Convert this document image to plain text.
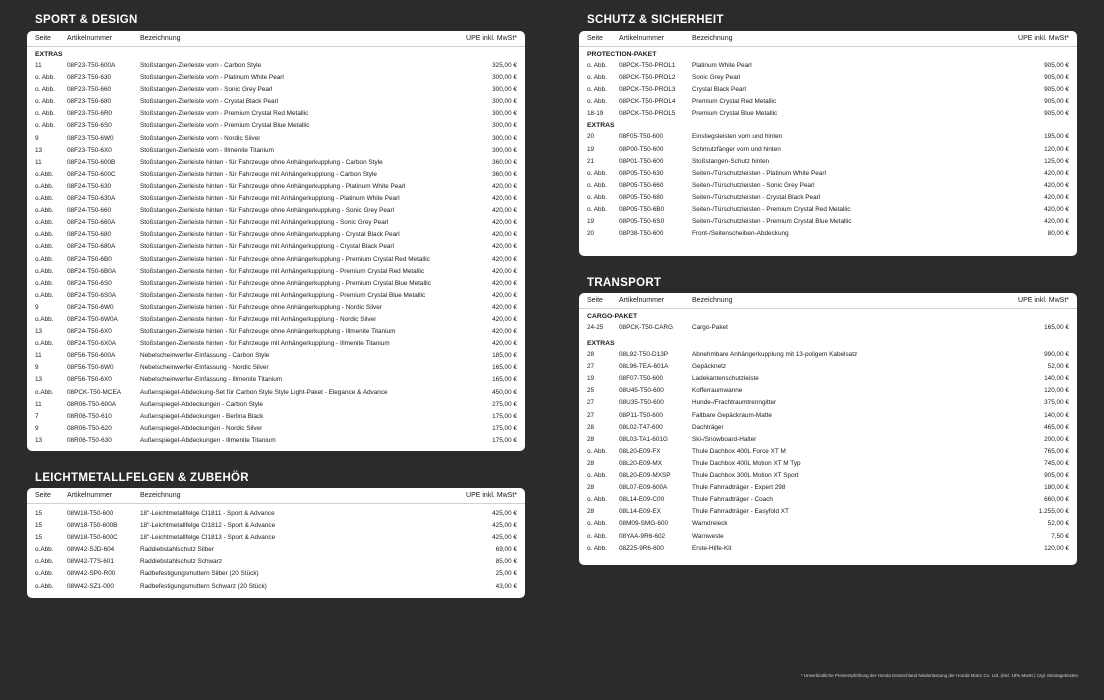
SPORT & DESIGN
Seite Artikelnummer	Bezeichnung	UPE inkl. MwSt*
EXTRAS
11	08F23-T50-600A	Stoßstangen-Zierleiste vorn - Carbon Style	325,00 €
o. Abb. 08F23-T50-630	Stoßstangen-Zierleiste vorn - Platinum White Pearl	300,00 €
o. Abb. 08F23-T50-660	Stoßstangen-Zierleiste vorn - Sonic Grey Pearl	300,00 €
o. Abb. 08F23-T50-680	Stoßstangen-Zierleiste vorn - Crystal Black Pearl	300,00 €
o. Abb. 08F23-T50-6R0	Stoßstangen-Zierleiste vorn - Premium Crystal Red Metallic	300,00 €
o. Abb. 08F23-T50-6S0	Stoßstangen-Zierleiste vorn - Premium Crystal Blue Metallic	300,00 €
9	08F23-T50-6W0	Stoßstangen-Zierleiste vorn - Nordic Silver	300,00 €
13	08F23-T50-6X0	Stoßstangen-Zierleiste vorn - Illmenite Titanium	300,00 €
11	08F24-T50-600B	Stoßstangen-Zierleiste hinten - für Fahrzeuge ohne Anhängerkupplung - Carbon Style	360,00 €
o.Abb. 08F24-T50-600C	Stoßstangen-Zierleiste hinten - für Fahrzeuge mit Anhängerkupplung - Carbon Style	360,00 €
o.Abb. 08F24-T50-630	Stoßstangen-Zierleiste hinten - für Fahrzeuge ohne Anhängerkupplung - Platinum White Pearl	420,00 €
o.Abb. 08F24-T50-630A	Stoßstangen-Zierleiste hinten - für Fahrzeuge mit Anhängerkupplung - Platinum White Pearl	420,00 €
o.Abb. 08F24-T50-660	Stoßstangen-Zierleiste hinten - für Fahrzeuge ohne Anhängerkupplung - Sonic Grey Pearl	420,00 €
o.Abb. 08F24-T50-660A	Stoßstangen-Zierleiste hinten - für Fahrzeuge mit Anhängerkupplung - Sonic Grey Pearl	420,00 €
o.Abb. 08F24-T50-680	Stoßstangen-Zierleiste hinten - für Fahrzeuge ohne Anhängerkupplung - Crystal Black Pearl	420,00 €
o.Abb. 08F24-T50-680A	Stoßstangen-Zierleiste hinten - für Fahrzeuge mit Anhängerkupplung - Crystal Black Pearl	420,00 €
o.Abb. 08F24-T50-6B0	Stoßstangen-Zierleiste hinten - für Fahrzeuge ohne Anhängerkupplung - Premium Crystal Red Metallic	420,00 €
o.Abb. 08F24-T50-6B0A	Stoßstangen-Zierleiste hinten - für Fahrzeuge mit Anhängerkupplung - Premium Crystal Red Metallic	420,00 €
o.Abb. 08F24-T50-6S0	Stoßstangen-Zierleiste hinten - für Fahrzeuge ohne Anhängerkupplung - Premium Crystal Blue Metallic	420,00 €
o.Abb. 08F24-T50-6S0A	Stoßstangen-Zierleiste hinten - für Fahrzeuge mit Anhängerkupplung - Premium Crystal Blue Metallic	420,00 €
9	08F24-T50-6W0	Stoßstangen-Zierleiste hinten - für Fahrzeuge ohne Anhängerkupplung - Nordic Silver	420,00 €
o.Abb. 08F24-T50-6W0A	Stoßstangen-Zierleiste hinten - für Fahrzeuge mit Anhängerkupplung - Nordic Silver	420,00 €
13	08F24-T50-6X0	Stoßstangen-Zierleiste hinten - für Fahrzeuge ohne Anhängerkupplung - Illmenite Titanium	420,00 €
o.Abb. 08F24-T50-6X0A	Stoßstangen-Zierleiste hinten - für Fahrzeuge mit Anhängerkupplung - Illmenite Titanium	420,00 €
11	08F56-T50-600A	Nebelscheinwerfer-Einfassung - Carbon Style	185,00 €
9	08F56-T50-6W0	Nebelscheinwerfer-Einfassung - Nordic Silver	165,00 €
13	08F56-T50-6X0	Nebelscheinwerfer-Einfassung - Illmenite Titanium	165,00 €
o.Abb. 08PCK-T50-MCEA	Außenspiegel-Abdeckung-Set für Carbon Style Style Light-Paket - Elegance & Advance	450,00 €
11	08R06-T50-600A	Außenspiegel-Abdeckungen - Carbon Style	275,00 €
7	08R06-T50-610	Außenspiegel-Abdeckungen - Berlina Black	175,00 €
9	08R06-T50-620	Außenspiegel-Abdeckungen - Nordic Silver	175,00 €
13	08R06-T50-630	Außenspiegel-Abdeckungen - Illmenite Titanium	175,00 €
LEICHTMETALLFELGEN & ZUBEHÖR
Seite Artikelnummer	Bezeichnung	UPE inkl. MwSt*
15	08W18-T50-600	18"-Leichtmetallfelge CI1811 - Sport & Advance	425,00 €
15	08W18-T50-600B	18"-Leichtmetallfelge CI1812 - Sport & Advance	425,00 €
15	08W18-T50-600C	18"-Leichtmetallfelge CI1813 - Sport & Advance	425,00 €
o.Abb. 08W42-SJD-604	Raddiebstahlschutz Silber	69,00 €
o.Abb. 08W42-T7S-601	Raddiebstahlschutz Schwarz	85,00 €
o.Abb. 08W42-SP0-R00	Radbefestigungsmuttern Silber (20 Stück)	25,00 €
o.Abb. 08W42-SZ1-000	Radbefestigungsmuttern Schwarz (20 Stück)	43,00 €
SCHUTZ & SICHERHEIT
Seite Artikelnummer	Bezeichnung	UPE inkl. MwSt*
PROTECTION-PAKET
o. Abb. 08PCK-T50-PROL1	Platinum White Pearl	905,00 €
o. Abb. 08PCK-T50-PROL2	Sonic Grey Pearl	905,00 €
o. Abb. 08PCK-T50-PROL3	Crystal Black Pearl	905,00 €
o. Abb. 08PCK-T50-PROL4	Premium Crystal Red Metallic	905,00 €
18-19 08PCK-T50-PROL5	Premium Crystal Blue Metallic	905,00 €
EXTRAS
20	08F05-T50-600	Einstiegsleisten vorn und hinten	195,00 €
19	08P00-T50-600	Schmutzfänger vorn und hinten	120,00 €
21	08P01-T50-600	Stoßstangen-Schutz hinten	125,00 €
o. Abb. 08P05-T50-630	Seiten-/Türschutzleisten - Platinum White Pearl	420,00 €
o. Abb. 08P05-T50-660	Seiten-/Türschutzleisten - Sonic Grey Pearl	420,00 €
o. Abb. 08P05-T50-680	Seiten-/Türschutzleisten - Crystal Black Pearl	420,00 €
o. Abb. 08P05-T50-6B0	Seiten-/Türschutzleisten - Premium Crystal Red Metallic	420,00 €
19	08P05-T50-6S0	Seiten-/Türschutzleisten - Premium Crystal Blue Metallic	420,00 €
20	08P38-T50-600	Front-/Seitenscheiben-Abdeckung	80,00 €
TRANSPORT
Seite Artikelnummer	Bezeichnung	UPE inkl. MwSt*
CARGO-PAKET
24-25 08PCK-T50-CARG	Cargo-Paket	165,00 €
EXTRAS
28	08L92-T50-D13P	Abnehmbare Anhängerkupplung mit 13-poligem Kabelsatz	990,00 €
27	08L96-TEA-601A	Gepäcknetz	52,00 €
19	08F07-T50-600	Ladekantenschutzleiste	140,00 €
25	08U45-T50-600	Kofferraumwanne	120,00 €
27	08U35-T50-600	Hunde-/Frachtraumtrenngitter	375,00 €
27	08P11-T50-600	Faltbare Gepäckraum-Matte	140,00 €
28	08L02-T47-600	Dachträger	465,00 €
28	08L03-TA1-601G	Ski-/Snowboard-Halter	200,00 €
o. Abb. 08L20-E09-FX	Thule Dachbox 400L Force XT M	765,00 €
28	08L20-E09-MX	Thule Dachbox 400L Motion XT M Typ	745,00 €
o. Abb. 08L20-E09-MXSP	Thule Dachbox 300L Motion XT Sport	905,00 €
28	08L07-E09-600A	Thule Fahrradträger - Expert 298	180,00 €
o. Abb. 08L14-E09-C00	Thule Fahrradträger - Coach	660,00 €
28	08L14-E09-EX	Thule Fahrradträger - Easyfold XT	1.255,00 €
o. Abb. 08M09-SMG-600	Warndreieck	52,00 €
o. Abb. 08YAA-9R6-602	Warnweste	7,50 €
o. Abb. 08Z25-9R6-600	Erste-Hilfe-Kit	120,00 €
* Unverbindliche Preisempfehlung der Honda Deutschland Niederlassung der Honda Motor Co. Ltd. (inkl. 19% MwSt.) zzgl. Montagekosten
